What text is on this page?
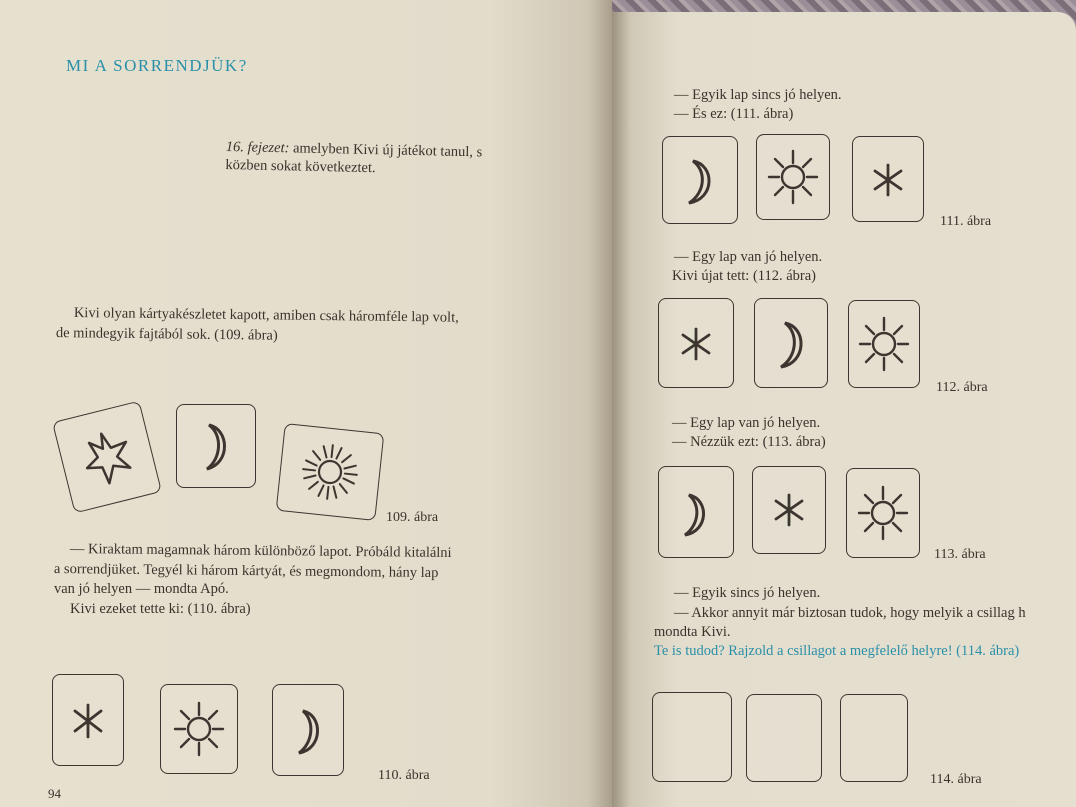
MI A SORRENDJÜK?
16. fejezet: amelyben Kivi új játékot tanul, s
közben sokat következtet.
Kivi olyan kártyakészletet kapott, amiben csak háromféle lap volt,
de mindegyik fajtából sok. (109. ábra)
109. ábra
— Kiraktam magamnak három különböző lapot. Próbáld kitalálni
a sorrendjüket. Tegyél ki három kártyát, és megmondom, hány lap
van jó helyen — mondta Apó.
Kivi ezeket tette ki: (110. ábra)
110. ábra
94
— Egyik lap sincs jó helyen.
— És ez: (111. ábra)
111. ábra
— Egy lap van jó helyen.
Kivi újat tett: (112. ábra)
112. ábra
— Egy lap van jó helyen.
— Nézzük ezt: (113. ábra)
113. ábra
— Egyik sincs jó helyen.
— Akkor annyit már biztosan tudok, hogy melyik a csillag h
mondta Kivi.
Te is tudod? Rajzold a csillagot a megfelelő helyre! (114. ábra)
114. ábra
